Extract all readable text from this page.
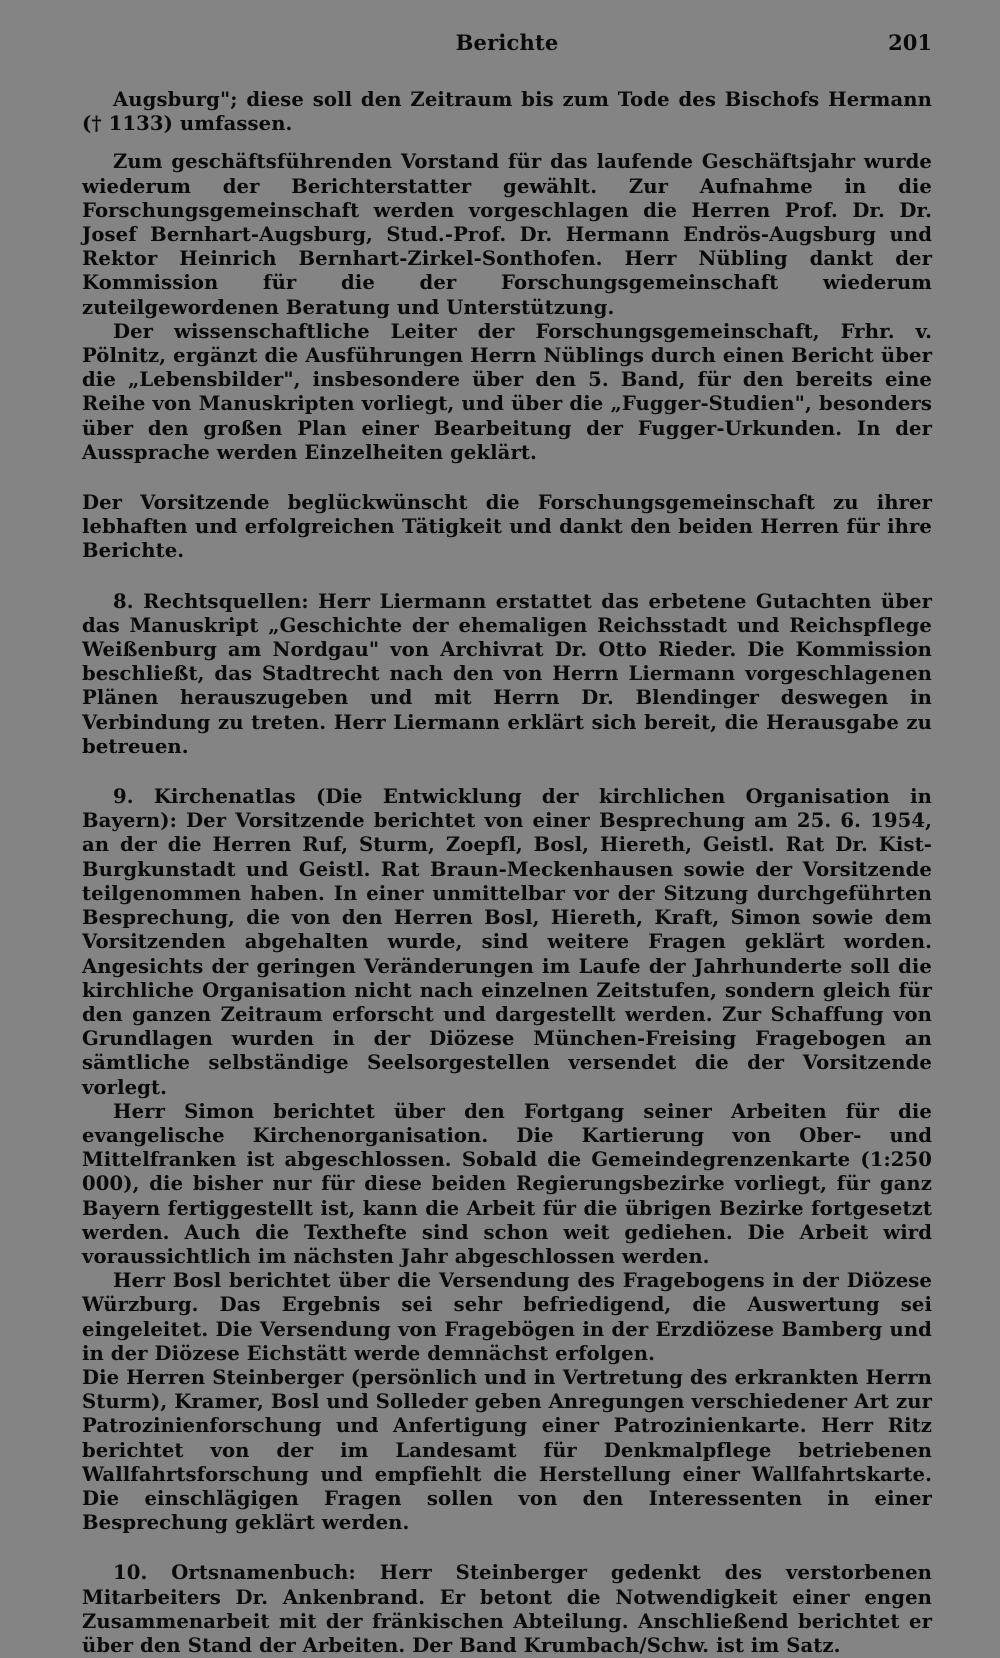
Berichte	201

Augsburg"; diese soll den Zeitraum bis zum Tode des Bischofs Hermann († 1133) umfassen.

Zum geschäftsführenden Vorstand für das laufende Geschäftsjahr wurde wiederum der Berichterstatter gewählt. Zur Aufnahme in die Forschungsgemeinschaft werden vorgeschlagen die Herren Prof. Dr. Dr. Josef Bernhart-Augsburg, Stud.-Prof. Dr. Hermann Endrös-Augsburg und Rektor Heinrich Bernhart-Zirkel-Sonthofen. Herr Nübling dankt der Kommission für die der Forschungsgemeinschaft wiederum zuteilgewordenen Beratung und Unterstützung.

Der wissenschaftliche Leiter der Forschungsgemeinschaft, Frhr. v. Pölnitz, ergänzt die Ausführungen Herrn Nüblings durch einen Bericht über die „Lebensbilder", insbesondere über den 5. Band, für den bereits eine Reihe von Manuskripten vorliegt, und über die „Fugger-Studien", besonders über den großen Plan einer Bearbeitung der Fugger-Urkunden. In der Aussprache werden Einzelheiten geklärt.

Der Vorsitzende beglückwünscht die Forschungsgemeinschaft zu ihrer lebhaften und erfolgreichen Tätigkeit und dankt den beiden Herren für ihre Berichte.

8. Rechtsquellen: Herr Liermann erstattet das erbetene Gutachten über das Manuskript „Geschichte der ehemaligen Reichsstadt und Reichspflege Weißenburg am Nordgau" von Archivrat Dr. Otto Rieder. Die Kommission beschließt, das Stadtrecht nach den von Herrn Liermann vorgeschlagenen Plänen herauszugeben und mit Herrn Dr. Blendinger deswegen in Verbindung zu treten. Herr Liermann erklärt sich bereit, die Herausgabe zu betreuen.

9. Kirchenatlas (Die Entwicklung der kirchlichen Organisation in Bayern): Der Vorsitzende berichtet von einer Besprechung am 25. 6. 1954, an der die Herren Ruf, Sturm, Zoepfl, Bosl, Hiereth, Geistl. Rat Dr. Kist-Burgkunstadt und Geistl. Rat Braun-Meckenhausen sowie der Vorsitzende teilgenommen haben. In einer unmittelbar vor der Sitzung durchgeführten Besprechung, die von den Herren Bosl, Hiereth, Kraft, Simon sowie dem Vorsitzenden abgehalten wurde, sind weitere Fragen geklärt worden. Angesichts der geringen Veränderungen im Laufe der Jahrhunderte soll die kirchliche Organisation nicht nach einzelnen Zeitstufen, sondern gleich für den ganzen Zeitraum erforscht und dargestellt werden. Zur Schaffung von Grundlagen wurden in der Diözese München-Freising Fragebogen an sämtliche selbständige Seelsorgestellen versendet die der Vorsitzende vorlegt.

Herr Simon berichtet über den Fortgang seiner Arbeiten für die evangelische Kirchenorganisation. Die Kartierung von Ober- und Mittelfranken ist abgeschlossen. Sobald die Gemeindegrenzenkarte (1:250 000), die bisher nur für diese beiden Regierungsbezirke vorliegt, für ganz Bayern fertiggestellt ist, kann die Arbeit für die übrigen Bezirke fortgesetzt werden. Auch die Texthefte sind schon weit gediehen. Die Arbeit wird voraussichtlich im nächsten Jahr abgeschlossen werden.

Herr Bosl berichtet über die Versendung des Fragebogens in der Diözese Würzburg. Das Ergebnis sei sehr befriedigend, die Auswertung sei eingeleitet. Die Versendung von Fragebögen in der Erzdiözese Bamberg und in der Diözese Eichstätt werde demnächst erfolgen.

Die Herren Steinberger (persönlich und in Vertretung des erkrankten Herrn Sturm), Kramer, Bosl und Solleder geben Anregungen verschiedener Art zur Patrozinienforschung und Anfertigung einer Patrozinienkarte. Herr Ritz berichtet von der im Landesamt für Denkmalpflege betriebenen Wallfahrtsforschung und empfiehlt die Herstellung einer Wallfahrtskarte. Die einschlägigen Fragen sollen von den Interessenten in einer Besprechung geklärt werden.

10. Ortsnamenbuch: Herr Steinberger gedenkt des verstorbenen Mitarbeiters Dr. Ankenbrand. Er betont die Notwendigkeit einer engen Zusammenarbeit mit der fränkischen Abteilung. Anschließend berichtet er über den Stand der Arbeiten. Der Band Krumbach/Schw. ist im Satz.
